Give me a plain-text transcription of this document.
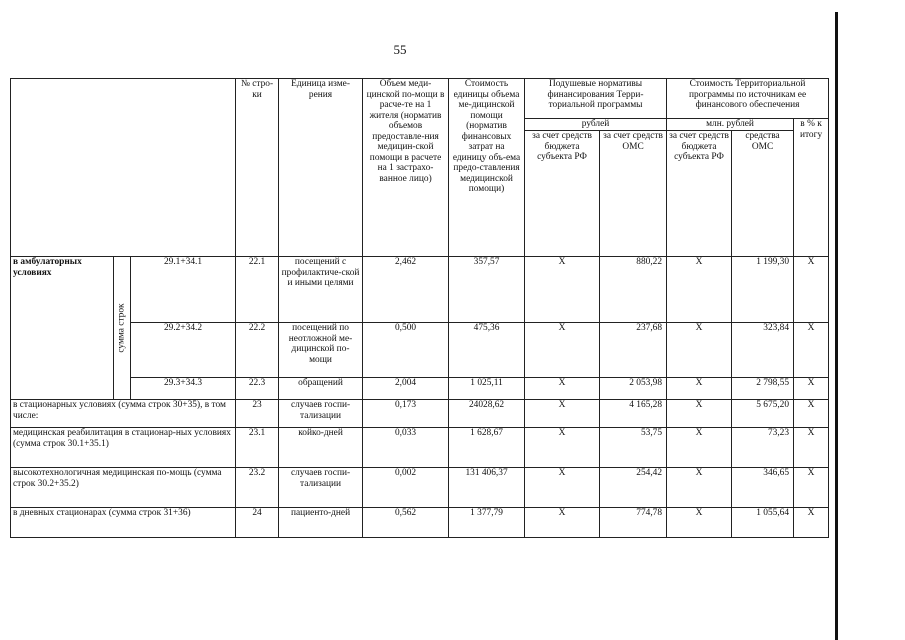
55
			№ стро-ки	Единица изме-рения	Объем меди-цинской по-мощи в расче-те на 1 жителя (норматив объемов предоставле-ния медицин-ской помощи в расчете на 1 застрахо-ванное лицо)	Стоимость единицы объема ме-дицинской помощи (норматив финансовых затрат на единицу объ-ема предо-ставления медицинской помощи)	Подушевые нормативы финансирования Терри-ториальной программы		Стоимость Территориальной программы по источникам ее финансового обеспечения		
							рублей		млн. рублей		в % к итогу
							за счет средств бюджета субъекта РФ	за счет средств ОМС	за счет средств бюджета субъекта РФ	средства ОМС	
в амбулаторных условиях	сумма строк	29.1+34.1	22.1	посещений с профилактиче-ской и иными целями	2,462	357,57	Х	880,22	Х	1 199,30	Х
		29.2+34.2	22.2	посещений по неотложной ме-дицинской по-мощи	0,500	475,36	Х	237,68	Х	323,84	Х
		29.3+34.3	22.3	обращений	2,004	1 025,11	Х	2 053,98	Х	2 798,55	Х
в стационарных условиях (сумма строк 30+35), в том числе:			23	случаев госпи-тализации	0,173	24028,62	Х	4 165,28	Х	5 675,20	Х
медицинская реабилитация в стационар-ных условиях (сумма строк 30.1+35.1)			23.1	койко-дней	0,033	1 628,67	Х	53,75	Х	73,23	Х
высокотехнологичная медицинская по-мощь (сумма строк 30.2+35.2)			23.2	случаев госпи-тализации	0,002	131 406,37	Х	254,42	Х	346,65	Х
в дневных стационарах (сумма строк 31+36)			24	пациенто-дней	0,562	1 377,79	Х	774,78	Х	1 055,64	Х
